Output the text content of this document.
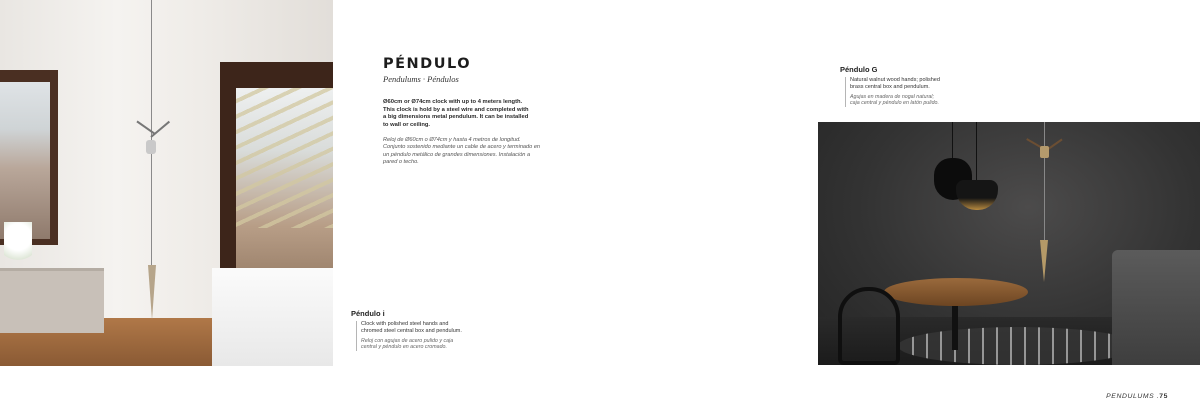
PÉNDULO
Pendulums · Péndulos
Ø60cm or Ø74cm clock with up to 4 meters length. This clock is hold by a steel wire and completed with a big dimensions metal pendulum. It can be installed to wall or ceiling.
Reloj de Ø60cm o Ø74cm y hasta 4 metros de longitud. Conjunto sostenido mediante un cable de acero y terminado en un péndulo metálico de grandes dimensiones. Instalación a pared o techo.
Péndulo i
Clock with polished steel hands and
chromed steel central box and pendulum.
Reloj con agujas de acero pulido y caja
central y péndulo en acero cromado.
Péndulo G
Natural walnut wood hands; polished
brass central box and pendulum.
Agujas en madera de nogal natural;
caja central y péndulo en latón pulido.
PENDULUMS .75
